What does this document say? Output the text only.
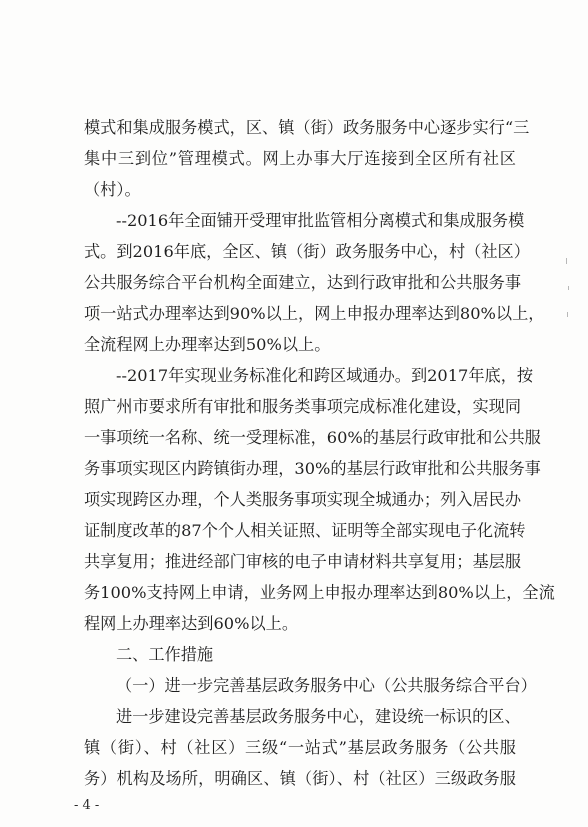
模式和集成服务模式，区、镇（街）政务服务中心逐步实行“三
集中三到位”管理模式。网上办事大厅连接到全区所有社区
（村）。
--2016年全面铺开受理审批监管相分离模式和集成服务模
式。到2016年底，全区、镇（街）政务服务中心，村（社区）
公共服务综合平台机构全面建立，达到行政审批和公共服务事
项一站式办理率达到90%以上，网上申报办理率达到80%以上，
全流程网上办理率达到50%以上。
--2017年实现业务标准化和跨区域通办。到2017年底，按
照广州市要求所有审批和服务类事项完成标准化建设，实现同
一事项统一名称、统一受理标准，60%的基层行政审批和公共服
务事项实现区内跨镇街办理，30%的基层行政审批和公共服务事
项实现跨区办理，个人类服务事项实现全城通办；列入居民办
证制度改革的87个个人相关证照、证明等全部实现电子化流转
共享复用；推进经部门审核的电子申请材料共享复用；基层服
务100%支持网上申请，业务网上申报办理率达到80%以上，全流
程网上办理率达到60%以上。
二、工作措施
（一）进一步完善基层政务服务中心（公共服务综合平台）
进一步建设完善基层政务服务中心，建设统一标识的区、
镇（街）、村（社区）三级“一站式”基层政务服务（公共服
务）机构及场所，明确区、镇（街）、村（社区）三级政务服
- 4 -
